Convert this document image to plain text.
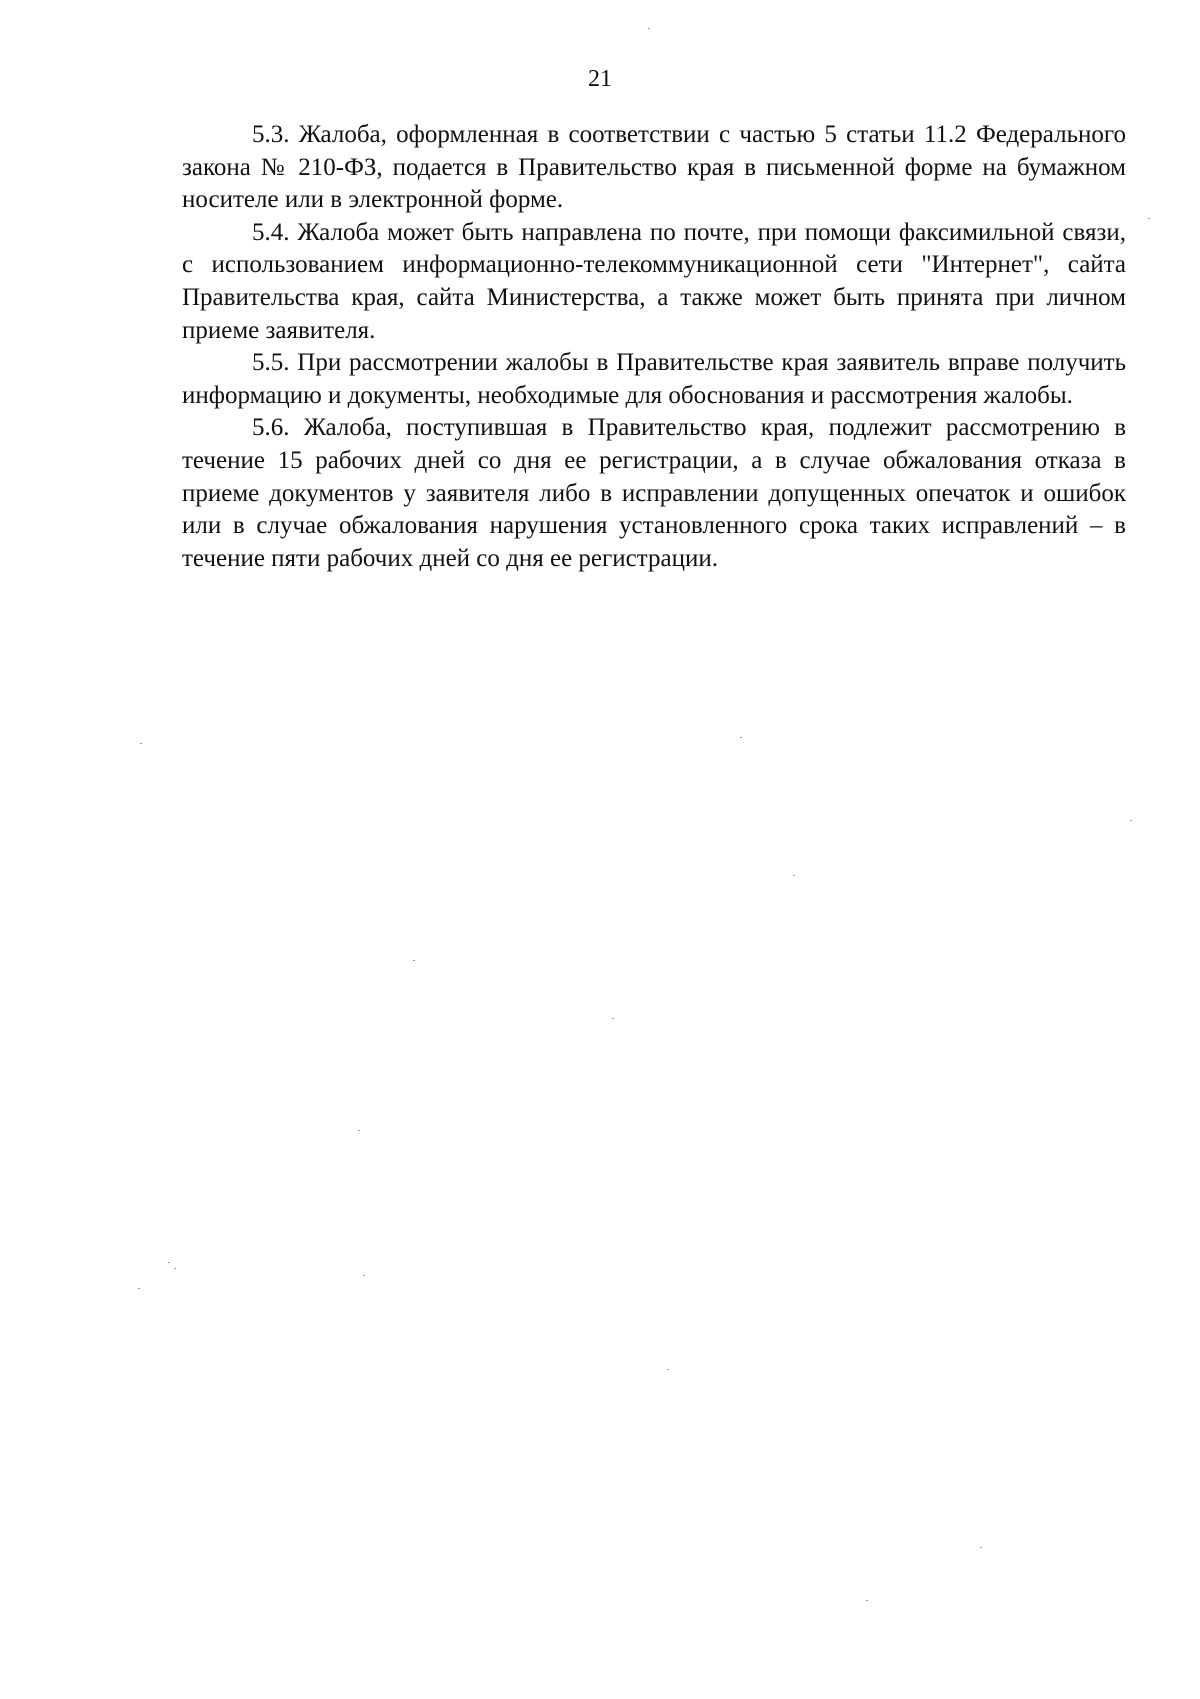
21

5.3. Жалоба, оформленная в соответствии с частью 5 статьи 11.2 Федерального закона № 210-ФЗ, подается в Правительство края в письменной форме на бумажном носителе или в электронной форме.

5.4. Жалоба может быть направлена по почте, при помощи факсимильной связи, с использованием информационно-телекоммуникационной сети "Интернет", сайта Правительства края, сайта Министерства, а также может быть принята при личном приеме заявителя.

5.5. При рассмотрении жалобы в Правительстве края заявитель вправе получить информацию и документы, необходимые для обоснования и рассмотрения жалобы.

5.6. Жалоба, поступившая в Правительство края, подлежит рассмотрению в течение 15 рабочих дней со дня ее регистрации, а в случае обжалования отказа в приеме документов у заявителя либо в исправлении допущенных опечаток и ошибок или в случае обжалования нарушения установленного срока таких исправлений – в течение пяти рабочих дней со дня ее регистрации.
